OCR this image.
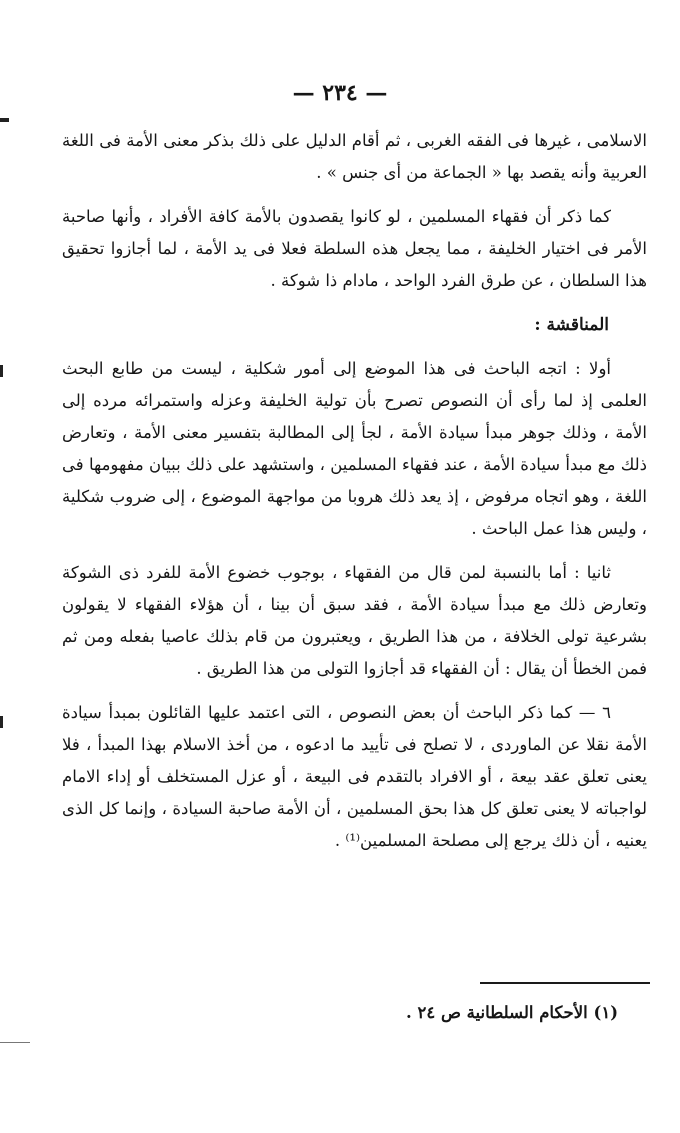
— ٢٣٤ —

الاسلامى ، غيرها فى الفقه الغربى ، ثم أقام الدليل على ذلك بذكر معنى الأمة فى اللغة العربية وأنه يقصد بها « الجماعة من أى جنس » .

كما ذكر أن فقهاء المسلمين ، لو كانوا يقصدون بالأمة كافة الأفراد ، وأنها صاحبة الأمر فى اختيار الخليفة ، مما يجعل هذه السلطة فعلا فى يد الأمة ، لما أجازوا تحقيق هذا السلطان ، عن طرق الفرد الواحد ، مادام ذا شوكة .

المناقشة :

أولا : اتجه الباحث فى هذا الموضع إلى أمور شكلية ، ليست من طابع البحث العلمى إذ لما رأى أن النصوص تصرح بأن تولية الخليفة وعزله واستمرائه مرده إلى الأمة ، وذلك جوهر مبدأ سيادة الأمة ، لجأ إلى المطالبة بتفسير معنى الأمة ، وتعارض ذلك مع مبدأ سيادة الأمة ، عند فقهاء المسلمين ، واستشهد على ذلك ببيان مفهومها فى اللغة ، وهو اتجاه مرفوض ، إذ يعد ذلك هروبا من مواجهة الموضوع ، إلى ضروب شكلية ، وليس هذا عمل الباحث .

ثانيا : أما بالنسبة لمن قال من الفقهاء ، بوجوب خضوع الأمة للفرد ذى الشوكة وتعارض ذلك مع مبدأ سيادة الأمة ، فقد سبق أن بينا ، أن هؤلاء الفقهاء لا يقولون بشرعية تولى الخلافة ، من هذا الطريق ، ويعتبرون من قام بذلك عاصيا بفعله ومن ثم فمن الخطأ أن يقال : أن الفقهاء قد أجازوا التولى من هذا الطريق .

٦ — كما ذكر الباحث أن بعض النصوص ، التى اعتمد عليها القائلون بمبدأ سيادة الأمة نقلا عن الماوردى ، لا تصلح فى تأييد ما ادعوه ، من أخذ الاسلام بهذا المبدأ ، فلا يعنى تعلق عقد بيعة ، أو الافراد بالتقدم فى البيعة ، أو عزل المستخلف أو إداء الامام لواجباته لا يعنى تعلق كل هذا بحق المسلمين ، أن الأمة صاحبة السيادة ، وإنما كل الذى يعنيه ، أن ذلك يرجع إلى مصلحة المسلمين⁽¹⁾ .

(١) الأحكام السلطانية ص ٢٤ .
